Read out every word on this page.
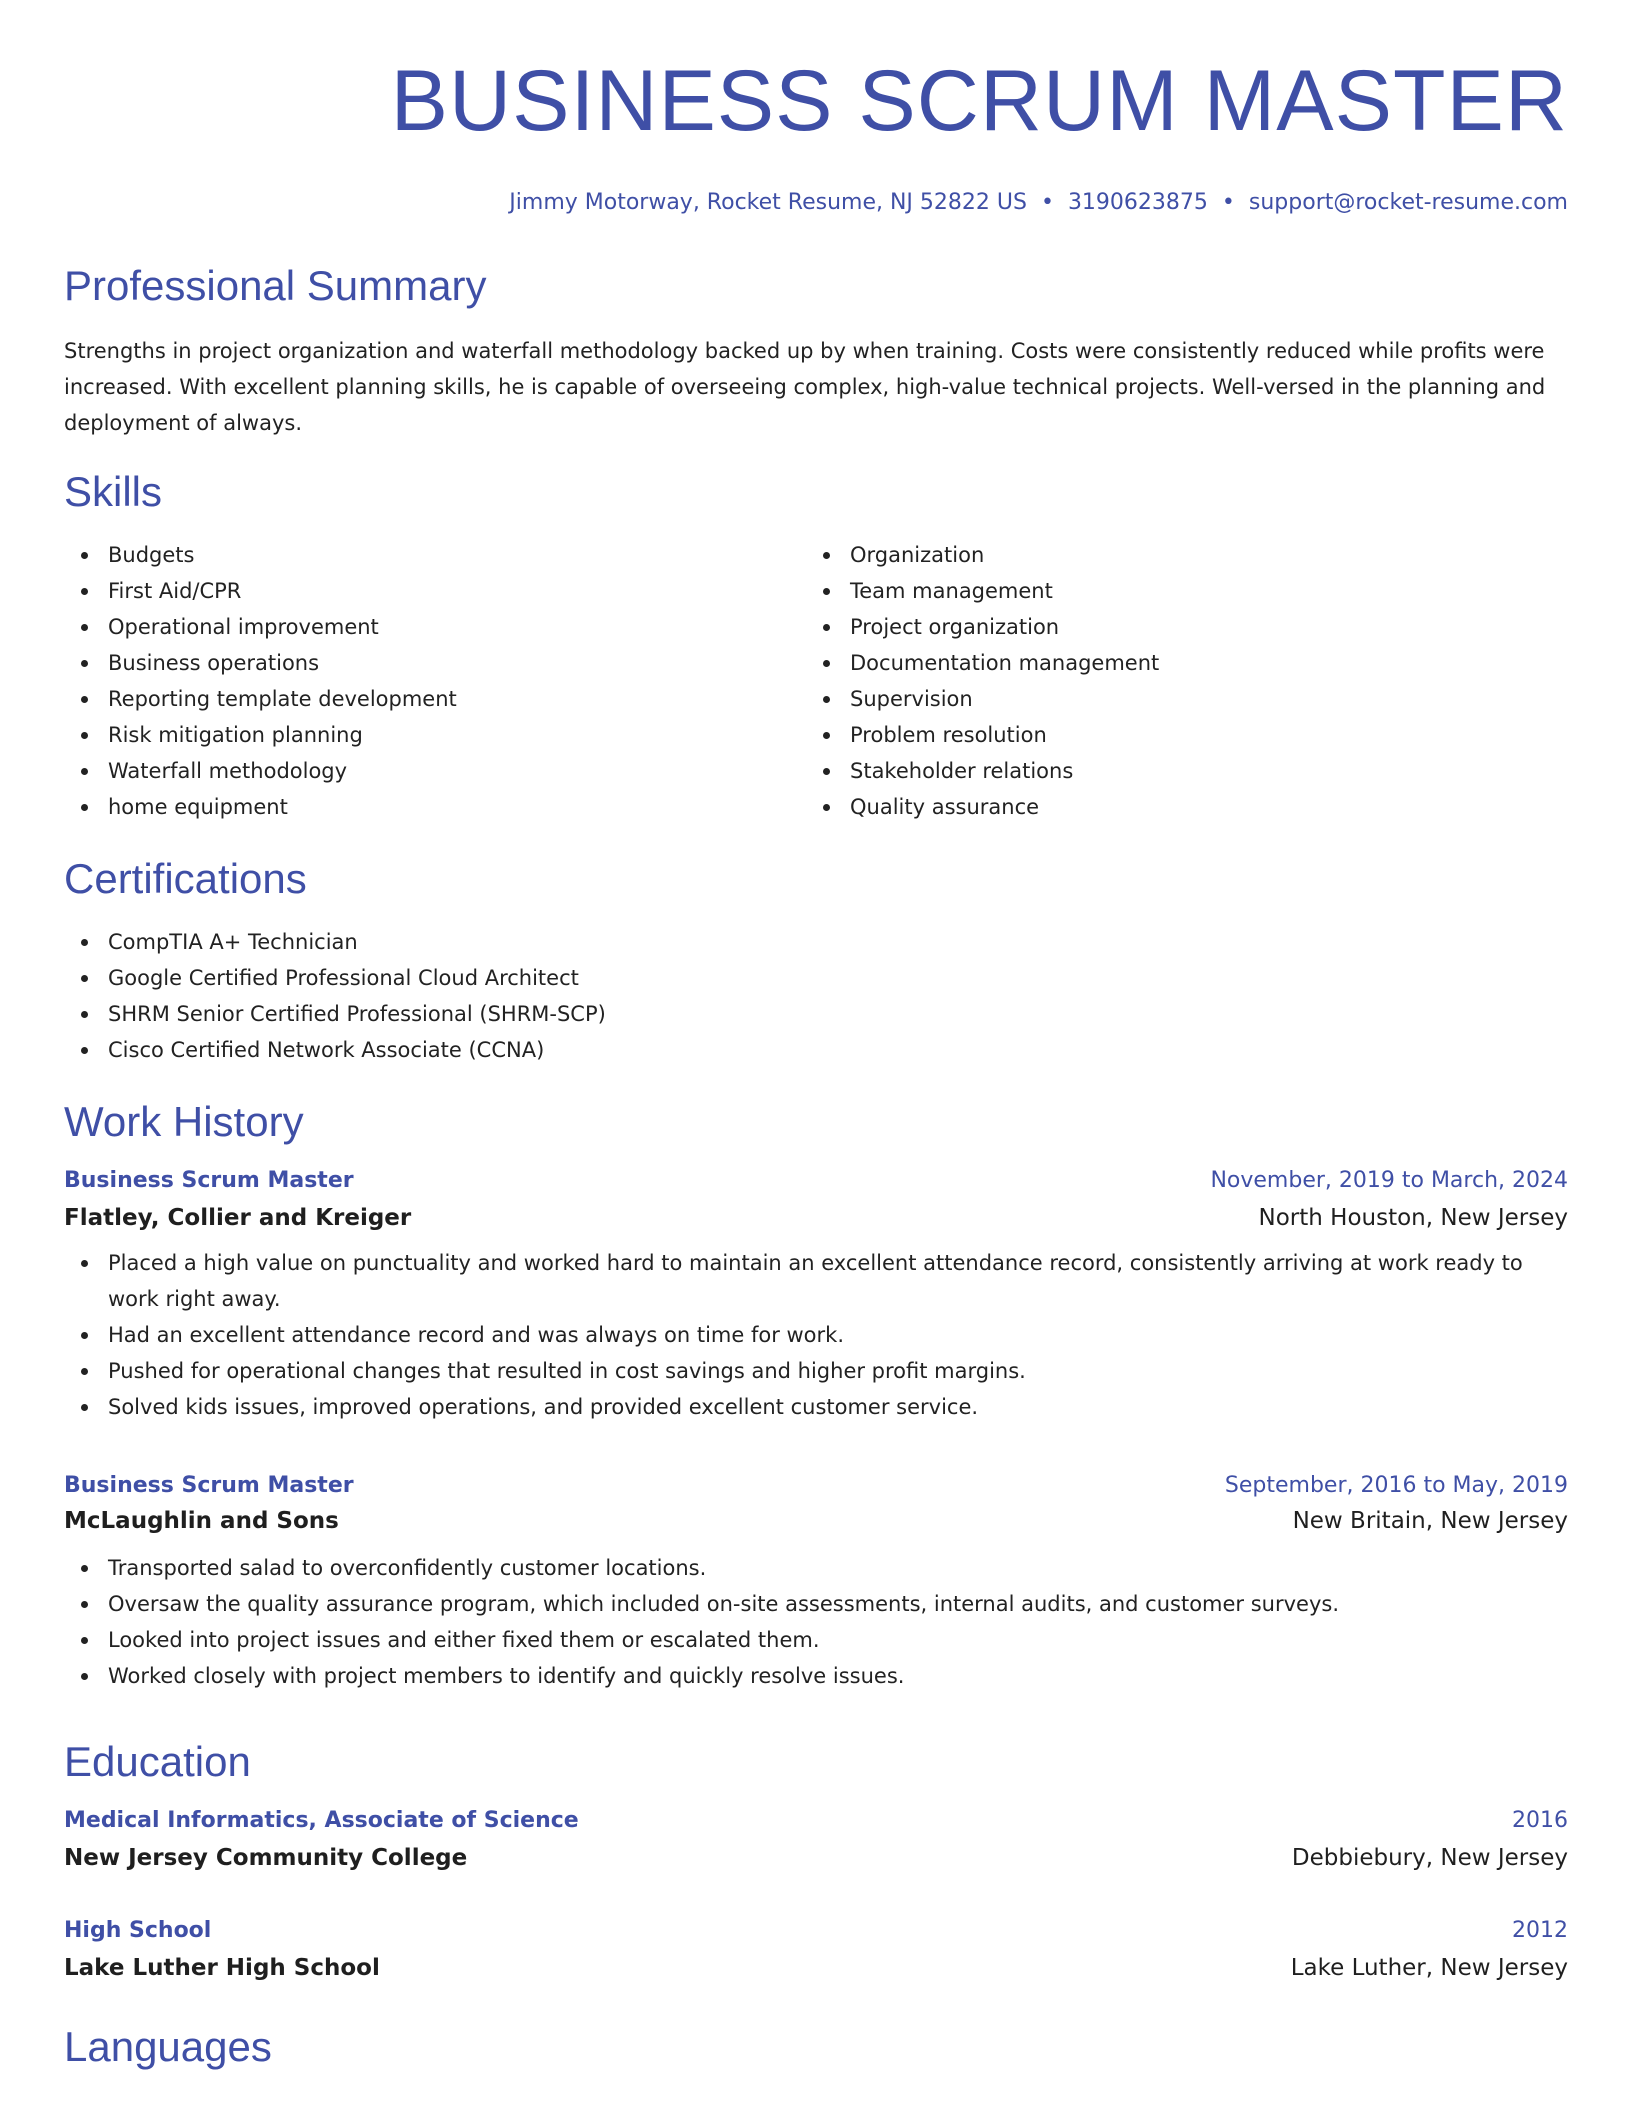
BUSINESS SCRUM MASTER
Jimmy Motorway, Rocket Resume, NJ 52822 US • 3190623875 • support@rocket-resume.com
Professional Summary

Strengths in project organization and waterfall methodology backed up by when training. Costs were consistently reduced while profits were increased. With excellent planning skills, he is capable of overseeing complex, high-value technical projects. Well-versed in the planning and deployment of always.

Skills
Budgets
First Aid/CPR
Operational improvement
Business operations
Reporting template development
Risk mitigation planning
Waterfall methodology
home equipment
Organization
Team management
Project organization
Documentation management
Supervision
Problem resolution
Stakeholder relations
Quality assurance
Certifications
CompTIA A+ Technician
Google Certified Professional Cloud Architect
SHRM Senior Certified Professional (SHRM-SCP)
Cisco Certified Network Associate (CCNA)
Work History
Business Scrum Master	November, 2019 to March, 2024
Flatley, Collier and Kreiger	North Houston, New Jersey
Placed a high value on punctuality and worked hard to maintain an excellent attendance record, consistently arriving at work ready to work right away.
Had an excellent attendance record and was always on time for work.
Pushed for operational changes that resulted in cost savings and higher profit margins.
Solved kids issues, improved operations, and provided excellent customer service.
Business Scrum Master	September, 2016 to May, 2019
McLaughlin and Sons	New Britain, New Jersey
Transported salad to overconfidently customer locations.
Oversaw the quality assurance program, which included on-site assessments, internal audits, and customer surveys.
Looked into project issues and either fixed them or escalated them.
Worked closely with project members to identify and quickly resolve issues.
Education
Medical Informatics, Associate of Science	2016
New Jersey Community College	Debbiebury, New Jersey
High School	2012
Lake Luther High School	Lake Luther, New Jersey
Languages
